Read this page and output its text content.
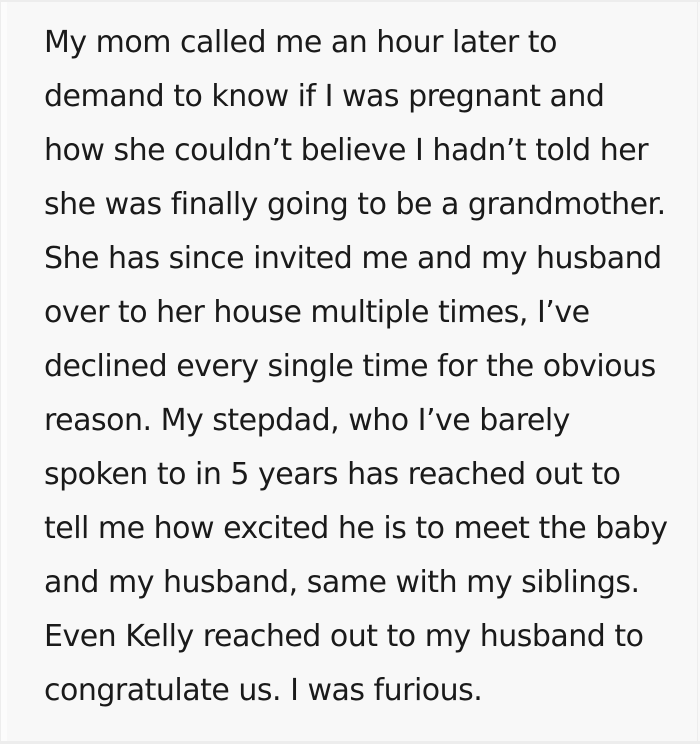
My mom called me an hour later to
demand to know if I was pregnant and
how she couldn’t believe I hadn’t told her
she was finally going to be a grandmother.
She has since invited me and my husband
over to her house multiple times, I’ve
declined every single time for the obvious
reason. My stepdad, who I’ve barely
spoken to in 5 years has reached out to
tell me how excited he is to meet the baby
and my husband, same with my siblings.
Even Kelly reached out to my husband to
congratulate us. I was furious.
